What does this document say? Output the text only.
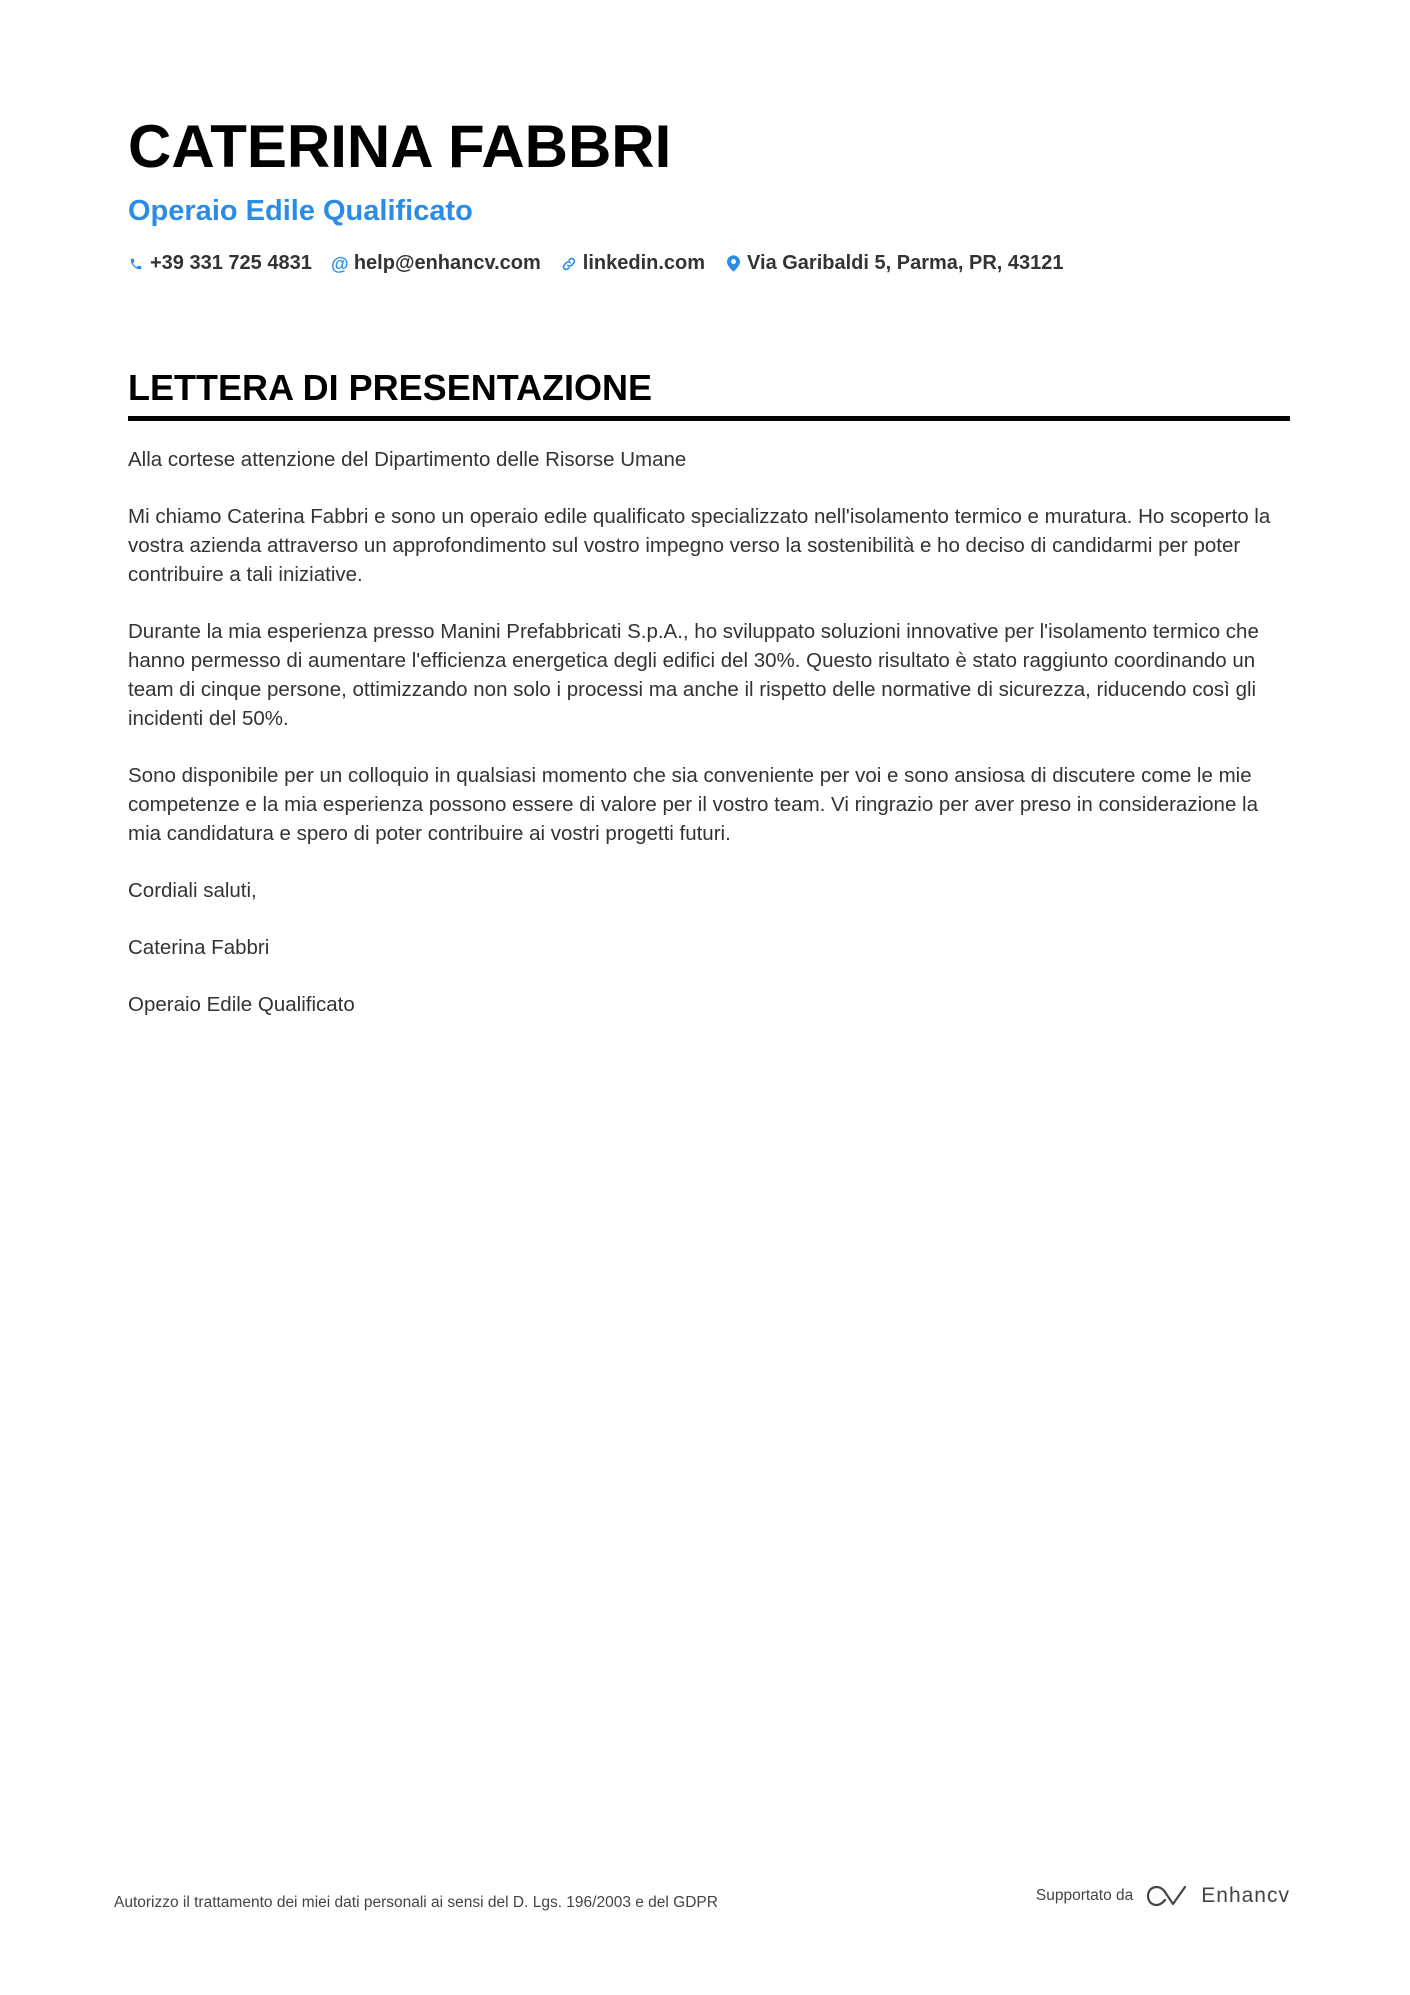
CATERINA FABBRI
Operaio Edile Qualificato
+39 331 725 4831 @ help@enhancv.com linkedin.com Via Garibaldi 5, Parma, PR, 43121
LETTERA DI PRESENTAZIONE

Alla cortese attenzione del Dipartimento delle Risorse Umane

Mi chiamo Caterina Fabbri e sono un operaio edile qualificato specializzato nell'isolamento termico e muratura. Ho scoperto la vostra azienda attraverso un approfondimento sul vostro impegno verso la sostenibilità e ho deciso di candidarmi per poter contribuire a tali iniziative.

Durante la mia esperienza presso Manini Prefabbricati S.p.A., ho sviluppato soluzioni innovative per l'isolamento termico che hanno permesso di aumentare l'efficienza energetica degli edifici del 30%. Questo risultato è stato raggiunto coordinando un team di cinque persone, ottimizzando non solo i processi ma anche il rispetto delle normative di sicurezza, riducendo così gli incidenti del 50%.

Sono disponibile per un colloquio in qualsiasi momento che sia conveniente per voi e sono ansiosa di discutere come le mie competenze e la mia esperienza possono essere di valore per il vostro team. Vi ringrazio per aver preso in considerazione la mia candidatura e spero di poter contribuire ai vostri progetti futuri.

Cordiali saluti,

Caterina Fabbri

Operaio Edile Qualificato

Autorizzo il trattamento dei miei dati personali ai sensi del D. Lgs. 196/2003 e del GDPR	Supportato da	Enhancv
